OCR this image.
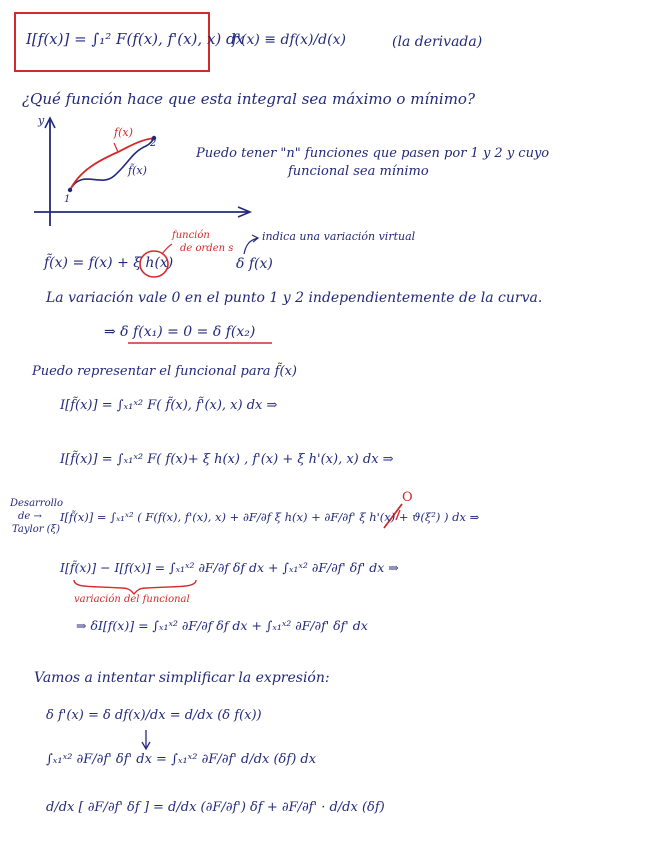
I[f(x)] = ∫₁² F(f(x), f'(x), x) dx
f'(x) ≡ df(x)/d(x)	(la derivada)
¿Qué función hace que esta integral sea máximo o mínimo?
y
1
2
f(x)
f̃(x)
Puedo tener "n" funciones que pasen por 1 y 2 y cuyo
funcional sea mínimo
f̃(x) = f(x) + ξ h(x)
función
de orden s
indica una variación virtual
δ f(x)
La variación vale 0 en el punto 1 y 2 independientemente de la curva.
⇒ δ f(x₁) = 0 = δ f(x₂)
Puedo representar el funcional para f̃(x)
I[f̃(x)] = ∫ₓ₁ˣ² F( f̃(x), f̃'(x), x) dx ⇒
I[f̃(x)] = ∫ₓ₁ˣ² F( f(x)+ ξ h(x) , f'(x) + ξ h'(x), x) dx ⇒
Desarrollo
de →
Taylor (ξ)
I[f̃(x)] = ∫ₓ₁ˣ² ( F(f(x), f'(x), x) + ∂F/∂f ξ h(x) + ∂F/∂f' ξ h'(x) + ϑ(ξ²) ) dx ⇒
O
I[f̃(x)] − I[f(x)] = ∫ₓ₁ˣ² ∂F/∂f δf dx + ∫ₓ₁ˣ² ∂F/∂f' δf' dx ⇒
variación del funcional
⇒ δI[f(x)] = ∫ₓ₁ˣ² ∂F/∂f δf dx + ∫ₓ₁ˣ² ∂F/∂f' δf' dx
Vamos a intentar simplificar la expresión:
δ f'(x) = δ df(x)/dx = d/dx (δ f(x))
∫ₓ₁ˣ² ∂F/∂f' δf' dx = ∫ₓ₁ˣ² ∂F/∂f' d/dx (δf) dx
d/dx [ ∂F/∂f' δf ] = d/dx (∂F/∂f') δf + ∂F/∂f' · d/dx (δf)
